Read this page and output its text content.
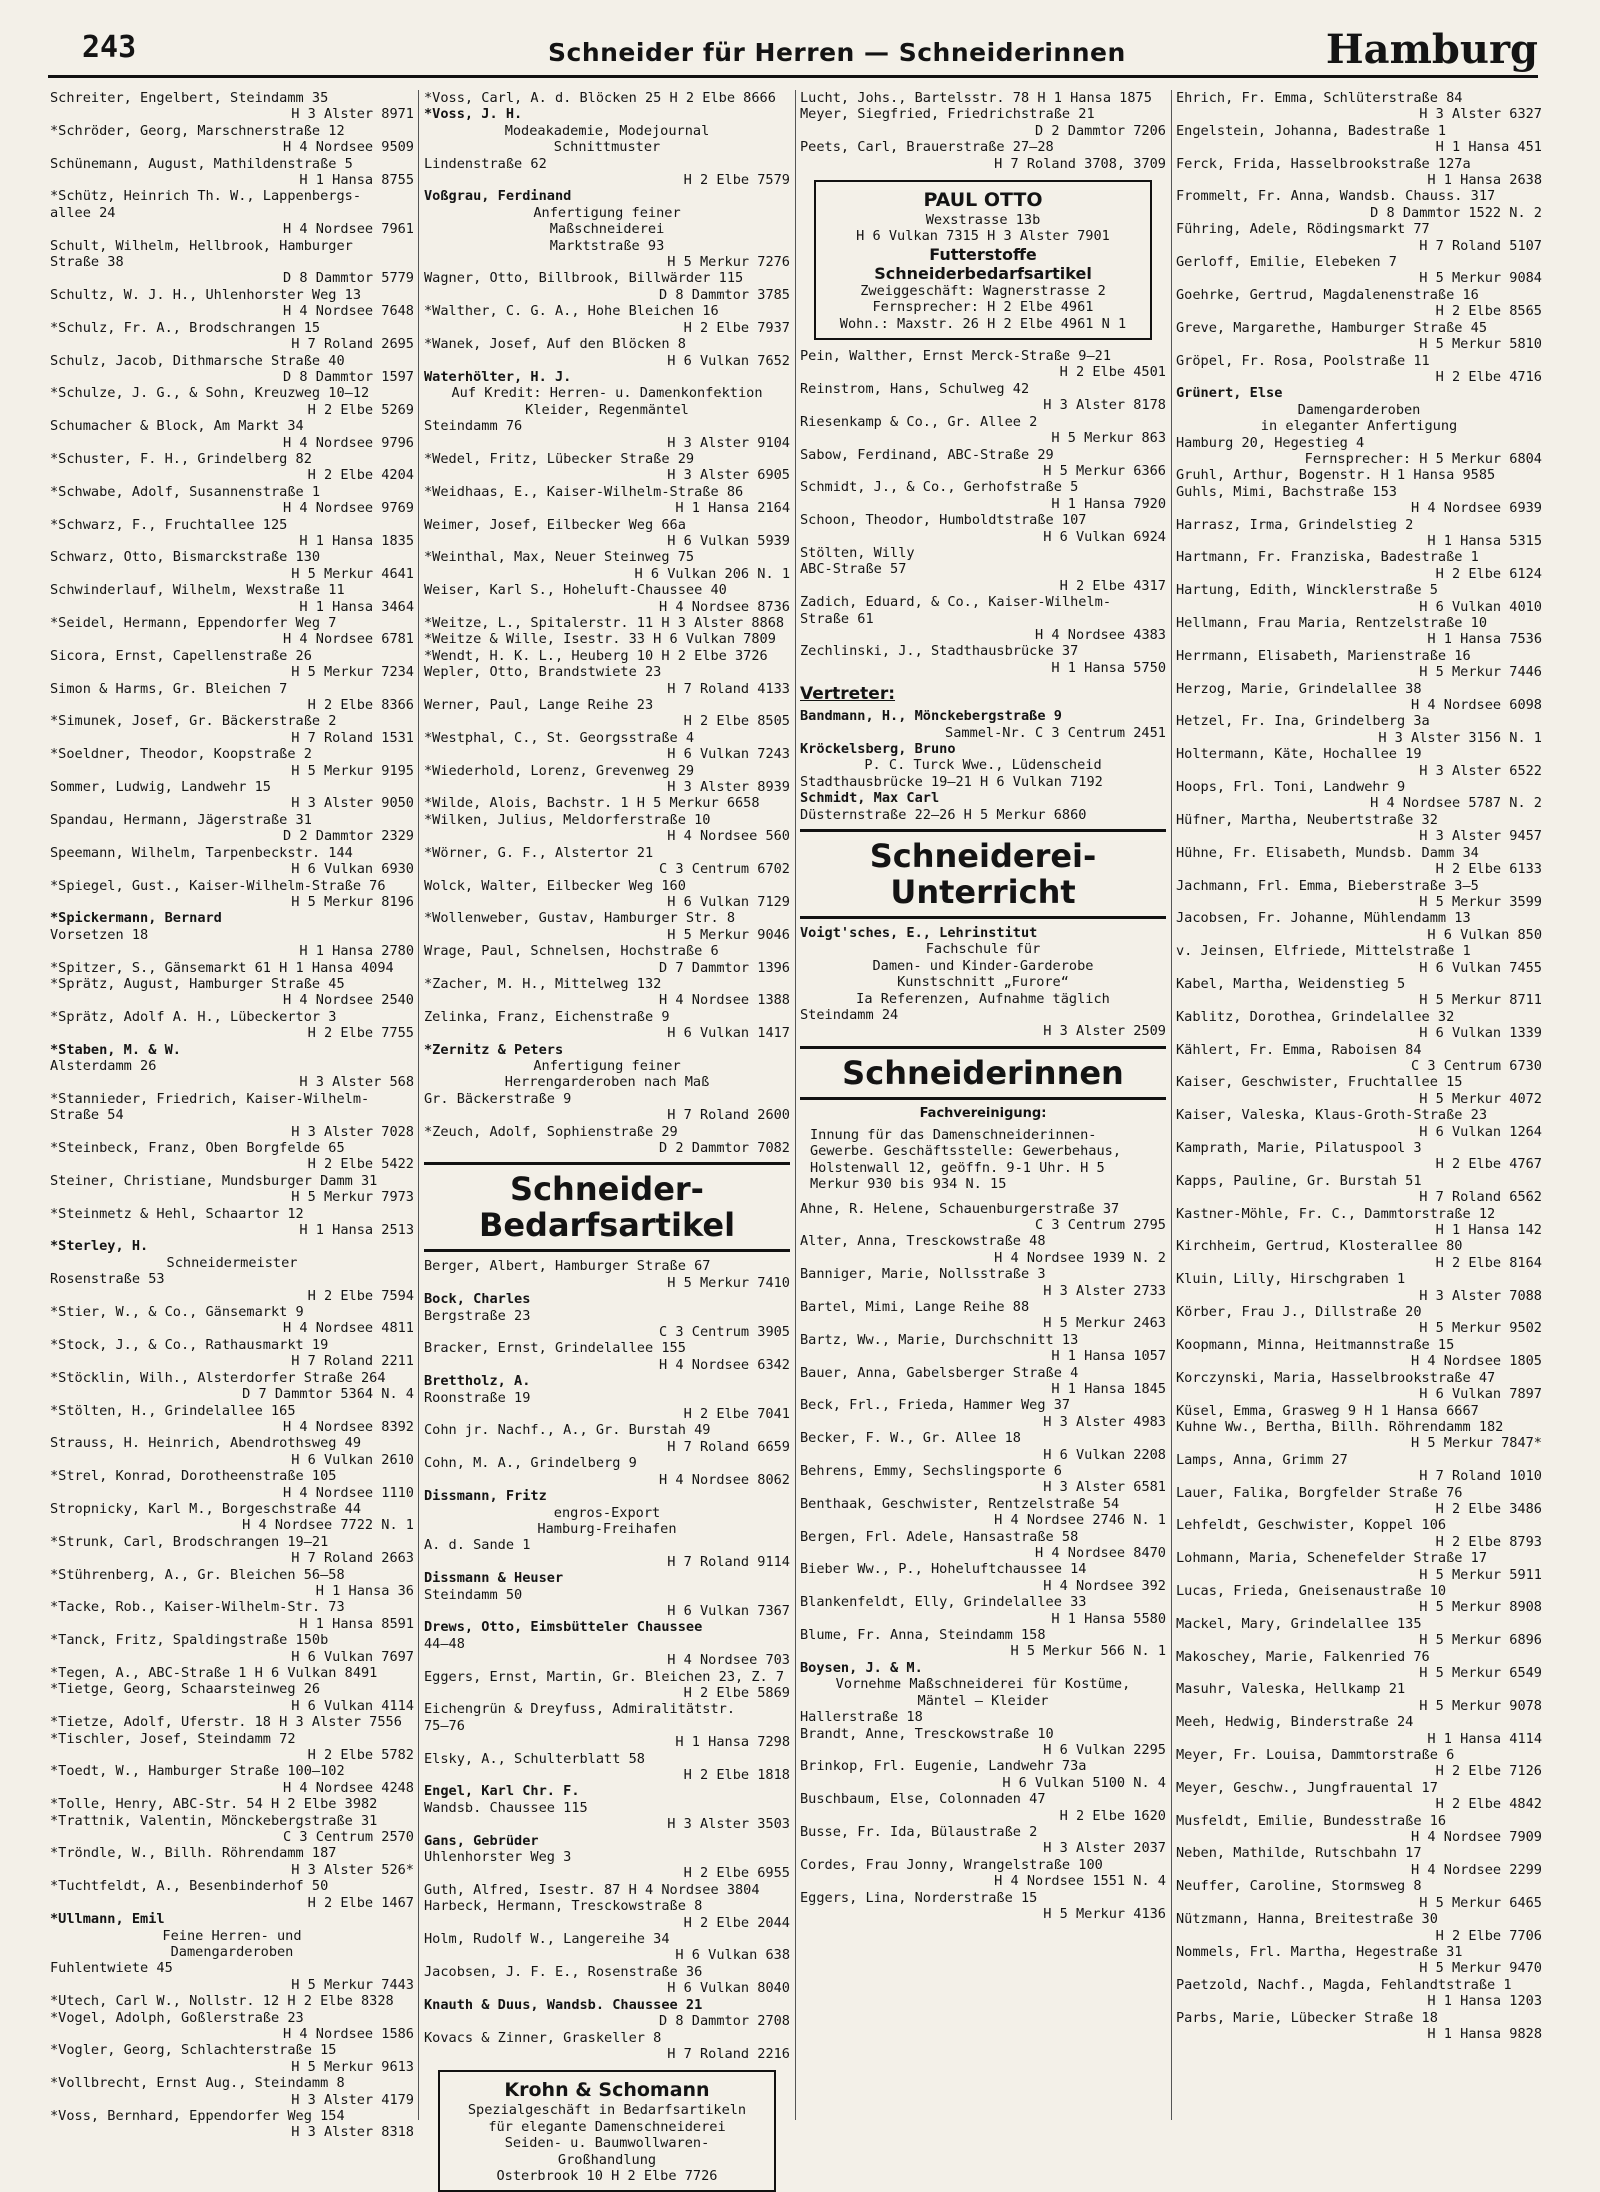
243	Schneider für Herren — Schneiderinnen	Hamburg
Schreiter, Engelbert, Steindamm 35
H 3 Alster 8971
*Schröder, Georg, Marschnerstraße 12
H 4 Nordsee 9509
Schünemann, August, Mathildenstraße 5
H 1 Hansa 8755
*Schütz, Heinrich Th. W., Lappenbergs-
allee 24
H 4 Nordsee 7961
Schult, Wilhelm, Hellbrook, Hamburger
Straße 38
D 8 Dammtor 5779
Schultz, W. J. H., Uhlenhorster Weg 13
H 4 Nordsee 7648
*Schulz, Fr. A., Brodschrangen 15
H 7 Roland 2695
Schulz, Jacob, Dithmarsche Straße 40
D 8 Dammtor 1597
*Schulze, J. G., & Sohn, Kreuzweg 10—12
H 2 Elbe 5269
Schumacher & Block, Am Markt 34
H 4 Nordsee 9796
*Schuster, F. H., Grindelberg 82
H 2 Elbe 4204
*Schwabe, Adolf, Susannenstraße 1
H 4 Nordsee 9769
*Schwarz, F., Fruchtallee 125
H 1 Hansa 1835
Schwarz, Otto, Bismarckstraße 130
H 5 Merkur 4641
Schwinderlauf, Wilhelm, Wexstraße 11
H 1 Hansa 3464
*Seidel, Hermann, Eppendorfer Weg 7
H 4 Nordsee 6781
Sicora, Ernst, Capellenstraße 26
H 5 Merkur 7234
Simon & Harms, Gr. Bleichen 7
H 2 Elbe 8366
*Simunek, Josef, Gr. Bäckerstraße 2
H 7 Roland 1531
*Soeldner, Theodor, Koopstraße 2
H 5 Merkur 9195
Sommer, Ludwig, Landwehr 15
H 3 Alster 9050
Spandau, Hermann, Jägerstraße 31
D 2 Dammtor 2329
Speemann, Wilhelm, Tarpenbeckstr. 144
H 6 Vulkan 6930
*Spiegel, Gust., Kaiser-Wilhelm-Straße 76
H 5 Merkur 8196
*Spickermann, Bernard
Vorsetzen 18
H 1 Hansa 2780
*Spitzer, S., Gänsemarkt 61 H 1 Hansa 4094
*Sprätz, August, Hamburger Straße 45
H 4 Nordsee 2540
*Sprätz, Adolf A. H., Lübeckertor 3
H 2 Elbe 7755
*Staben, M. & W.
Alsterdamm 26
H 3 Alster 568
*Stannieder, Friedrich, Kaiser-Wilhelm-
Straße 54
H 3 Alster 7028
*Steinbeck, Franz, Oben Borgfelde 65
H 2 Elbe 5422
Steiner, Christiane, Mundsburger Damm 31
H 5 Merkur 7973
*Steinmetz & Hehl, Schaartor 12
H 1 Hansa 2513
*Sterley, H.
Schneidermeister
Rosenstraße 53
H 2 Elbe 7594
*Stier, W., & Co., Gänsemarkt 9
H 4 Nordsee 4811
*Stock, J., & Co., Rathausmarkt 19
H 7 Roland 2211
*Stöcklin, Wilh., Alsterdorfer Straße 264
D 7 Dammtor 5364 N. 4
*Stölten, H., Grindelallee 165
H 4 Nordsee 8392
Strauss, H. Heinrich, Abendrothsweg 49
H 6 Vulkan 2610
*Strel, Konrad, Dorotheenstraße 105
H 4 Nordsee 1110
Stropnicky, Karl M., Borgeschstraße 44
H 4 Nordsee 7722 N. 1
*Strunk, Carl, Brodschrangen 19—21
H 7 Roland 2663
*Stührenberg, A., Gr. Bleichen 56—58
H 1 Hansa 36
*Tacke, Rob., Kaiser-Wilhelm-Str. 73
H 1 Hansa 8591
*Tanck, Fritz, Spaldingstraße 150b
H 6 Vulkan 7697
*Tegen, A., ABC-Straße 1 H 6 Vulkan 8491
*Tietge, Georg, Schaarsteinweg 26
H 6 Vulkan 4114
*Tietze, Adolf, Uferstr. 18 H 3 Alster 7556
*Tischler, Josef, Steindamm 72
H 2 Elbe 5782
*Toedt, W., Hamburger Straße 100—102
H 4 Nordsee 4248
*Tolle, Henry, ABC-Str. 54 H 2 Elbe 3982
*Trattnik, Valentin, Mönckebergstraße 31
C 3 Centrum 2570
*Tröndle, W., Billh. Röhrendamm 187
H 3 Alster 526*
*Tuchtfeldt, A., Besenbinderhof 50
H 2 Elbe 1467
*Ullmann, Emil
Feine Herren- und
Damengarderoben
Fuhlentwiete 45
H 5 Merkur 7443
*Utech, Carl W., Nollstr. 12 H 2 Elbe 8328
*Vogel, Adolph, Goßlerstraße 23
H 4 Nordsee 1586
*Vogler, Georg, Schlachterstraße 15
H 5 Merkur 9613
*Vollbrecht, Ernst Aug., Steindamm 8
H 3 Alster 4179
*Voss, Bernhard, Eppendorfer Weg 154
H 3 Alster 8318
*Voss, Carl, A. d. Blöcken 25 H 2 Elbe 8666
*Voss, J. H.
Modeakademie, Modejournal
Schnittmuster
Lindenstraße 62
H 2 Elbe 7579
Voßgrau, Ferdinand
Anfertigung feiner
Maßschneiderei
Marktstraße 93
H 5 Merkur 7276
Wagner, Otto, Billbrook, Billwärder 115
D 8 Dammtor 3785
*Walther, C. G. A., Hohe Bleichen 16
H 2 Elbe 7937
*Wanek, Josef, Auf den Blöcken 8
H 6 Vulkan 7652
Waterhölter, H. J.
Auf Kredit: Herren- u. Damenkonfektion
Kleider, Regenmäntel
Steindamm 76
H 3 Alster 9104
*Wedel, Fritz, Lübecker Straße 29
H 3 Alster 6905
*Weidhaas, E., Kaiser-Wilhelm-Straße 86
H 1 Hansa 2164
Weimer, Josef, Eilbecker Weg 66a
H 6 Vulkan 5939
*Weinthal, Max, Neuer Steinweg 75
H 6 Vulkan 206 N. 1
Weiser, Karl S., Hoheluft-Chaussee 40
H 4 Nordsee 8736
*Weitze, L., Spitalerstr. 11 H 3 Alster 8868
*Weitze & Wille, Isestr. 33 H 6 Vulkan 7809
*Wendt, H. K. L., Heuberg 10 H 2 Elbe 3726
Wepler, Otto, Brandstwiete 23
H 7 Roland 4133
Werner, Paul, Lange Reihe 23
H 2 Elbe 8505
*Westphal, C., St. Georgsstraße 4
H 6 Vulkan 7243
*Wiederhold, Lorenz, Grevenweg 29
H 3 Alster 8939
*Wilde, Alois, Bachstr. 1 H 5 Merkur 6658
*Wilken, Julius, Meldorferstraße 10
H 4 Nordsee 560
*Wörner, G. F., Alstertor 21
C 3 Centrum 6702
Wolck, Walter, Eilbecker Weg 160
H 6 Vulkan 7129
*Wollenweber, Gustav, Hamburger Str. 8
H 5 Merkur 9046
Wrage, Paul, Schnelsen, Hochstraße 6
D 7 Dammtor 1396
*Zacher, M. H., Mittelweg 132
H 4 Nordsee 1388
Zelinka, Franz, Eichenstraße 9
H 6 Vulkan 1417
*Zernitz & Peters
Anfertigung feiner
Herrengarderoben nach Maß
Gr. Bäckerstraße 9
H 7 Roland 2600
*Zeuch, Adolf, Sophienstraße 29
D 2 Dammtor 7082
Schneider-
Bedarfsartikel
Berger, Albert, Hamburger Straße 67
H 5 Merkur 7410
Bock, Charles
Bergstraße 23
C 3 Centrum 3905
Bracker, Ernst, Grindelallee 155
H 4 Nordsee 6342
Brettholz, A.
Roonstraße 19
H 2 Elbe 7041
Cohn jr. Nachf., A., Gr. Burstah 49
H 7 Roland 6659
Cohn, M. A., Grindelberg 9
H 4 Nordsee 8062
Dissmann, Fritz
engros-Export
Hamburg-Freihafen
A. d. Sande 1
H 7 Roland 9114
Dissmann & Heuser
Steindamm 50
H 6 Vulkan 7367
Drews, Otto, Eimsbütteler Chaussee
44—48
H 4 Nordsee 703
Eggers, Ernst, Martin, Gr. Bleichen 23, Z. 7
H 2 Elbe 5869
Eichengrün & Dreyfuss, Admiralitätstr.
75—76
H 1 Hansa 7298
Elsky, A., Schulterblatt 58
H 2 Elbe 1818
Engel, Karl Chr. F.
Wandsb. Chaussee 115
H 3 Alster 3503
Gans, Gebrüder
Uhlenhorster Weg 3
H 2 Elbe 6955
Guth, Alfred, Isestr. 87 H 4 Nordsee 3804
Harbeck, Hermann, Tresckowstraße 8
H 2 Elbe 2044
Holm, Rudolf W., Langereihe 34
H 6 Vulkan 638
Jacobsen, J. F. E., Rosenstraße 36
H 6 Vulkan 8040
Knauth & Duus, Wandsb. Chaussee 21
D 8 Dammtor 2708
Kovacs & Zinner, Graskeller 8
H 7 Roland 2216
Krohn & Schomann
Spezialgeschäft in Bedarfsartikeln
für elegante Damenschneiderei
Seiden- u. Baumwollwaren-
Großhandlung
Osterbrook 10 H 2 Elbe 7726
Lucht, Johs., Bartelsstr. 78 H 1 Hansa 1875
Meyer, Siegfried, Friedrichstraße 21
D 2 Dammtor 7206
Peets, Carl, Brauerstraße 27—28
H 7 Roland 3708, 3709
PAUL OTTO
Wexstrasse 13b
H 6 Vulkan 7315 H 3 Alster 7901
Futterstoffe
Schneiderbedarfsartikel
Zweiggeschäft: Wagnerstrasse 2
Fernsprecher: H 2 Elbe 4961
Wohn.: Maxstr. 26 H 2 Elbe 4961 N 1
Pein, Walther, Ernst Merck-Straße 9—21
H 2 Elbe 4501
Reinstrom, Hans, Schulweg 42
H 3 Alster 8178
Riesenkamp & Co., Gr. Allee 2
H 5 Merkur 863
Sabow, Ferdinand, ABC-Straße 29
H 5 Merkur 6366
Schmidt, J., & Co., Gerhofstraße 5
H 1 Hansa 7920
Schoon, Theodor, Humboldtstraße 107
H 6 Vulkan 6924
Stölten, Willy
ABC-Straße 57
H 2 Elbe 4317
Zadich, Eduard, & Co., Kaiser-Wilhelm-
Straße 61
H 4 Nordsee 4383
Zechlinski, J., Stadthausbrücke 37
H 1 Hansa 5750
Vertreter:
Bandmann, H., Mönckebergstraße 9
Sammel-Nr. C 3 Centrum 2451
Kröckelsberg, Bruno
P. C. Turck Wwe., Lüdenscheid
Stadthausbrücke 19—21 H 6 Vulkan 7192
Schmidt, Max Carl
Düsternstraße 22—26 H 5 Merkur 6860
Schneiderei-
Unterricht
Voigt'sches, E., Lehrinstitut
Fachschule für
Damen- und Kinder-Garderobe
Kunstschnitt „Furore“
Ia Referenzen, Aufnahme täglich
Steindamm 24
H 3 Alster 2509
Schneiderinnen
Fachvereinigung:
Innung für das Damenschneiderinnen-Gewerbe. Geschäftsstelle: Gewerbehaus, Holstenwall 12, geöffn. 9-1 Uhr. H 5 Merkur 930 bis 934 N. 15
Ahne, R. Helene, Schauenburgerstraße 37
C 3 Centrum 2795
Alter, Anna, Tresckowstraße 48
H 4 Nordsee 1939 N. 2
Banniger, Marie, Nollsstraße 3
H 3 Alster 2733
Bartel, Mimi, Lange Reihe 88
H 5 Merkur 2463
Bartz, Ww., Marie, Durchschnitt 13
H 1 Hansa 1057
Bauer, Anna, Gabelsberger Straße 4
H 1 Hansa 1845
Beck, Frl., Frieda, Hammer Weg 37
H 3 Alster 4983
Becker, F. W., Gr. Allee 18
H 6 Vulkan 2208
Behrens, Emmy, Sechslingsporte 6
H 3 Alster 6581
Benthaak, Geschwister, Rentzelstraße 54
H 4 Nordsee 2746 N. 1
Bergen, Frl. Adele, Hansastraße 58
H 4 Nordsee 8470
Bieber Ww., P., Hoheluftchaussee 14
H 4 Nordsee 392
Blankenfeldt, Elly, Grindelallee 33
H 1 Hansa 5580
Blume, Fr. Anna, Steindamm 158
H 5 Merkur 566 N. 1
Boysen, J. & M.
Vornehme Maßschneiderei für Kostüme,
Mäntel — Kleider
Hallerstraße 18
Brandt, Anne, Tresckowstraße 10
H 6 Vulkan 2295
Brinkop, Frl. Eugenie, Landwehr 73a
H 6 Vulkan 5100 N. 4
Buschbaum, Else, Colonnaden 47
H 2 Elbe 1620
Busse, Fr. Ida, Bülaustraße 2
H 3 Alster 2037
Cordes, Frau Jonny, Wrangelstraße 100
H 4 Nordsee 1551 N. 4
Eggers, Lina, Norderstraße 15
H 5 Merkur 4136
Ehrich, Fr. Emma, Schlüterstraße 84
H 3 Alster 6327
Engelstein, Johanna, Badestraße 1
H 1 Hansa 451
Ferck, Frida, Hasselbrookstraße 127a
H 1 Hansa 2638
Frommelt, Fr. Anna, Wandsb. Chauss. 317
D 8 Dammtor 1522 N. 2
Führing, Adele, Rödingsmarkt 77
H 7 Roland 5107
Gerloff, Emilie, Elebeken 7
H 5 Merkur 9084
Goehrke, Gertrud, Magdalenenstraße 16
H 2 Elbe 8565
Greve, Margarethe, Hamburger Straße 45
H 5 Merkur 5810
Gröpel, Fr. Rosa, Poolstraße 11
H 2 Elbe 4716
Grünert, Else
Damengarderoben
in eleganter Anfertigung
Hamburg 20, Hegestieg 4
Fernsprecher: H 5 Merkur 6804
Gruhl, Arthur, Bogenstr. H 1 Hansa 9585
Guhls, Mimi, Bachstraße 153
H 4 Nordsee 6939
Harrasz, Irma, Grindelstieg 2
H 1 Hansa 5315
Hartmann, Fr. Franziska, Badestraße 1
H 2 Elbe 6124
Hartung, Edith, Wincklerstraße 5
H 6 Vulkan 4010
Hellmann, Frau Maria, Rentzelstraße 10
H 1 Hansa 7536
Herrmann, Elisabeth, Marienstraße 16
H 5 Merkur 7446
Herzog, Marie, Grindelallee 38
H 4 Nordsee 6098
Hetzel, Fr. Ina, Grindelberg 3a
H 3 Alster 3156 N. 1
Holtermann, Käte, Hochallee 19
H 3 Alster 6522
Hoops, Frl. Toni, Landwehr 9
H 4 Nordsee 5787 N. 2
Hüfner, Martha, Neubertstraße 32
H 3 Alster 9457
Hühne, Fr. Elisabeth, Mundsb. Damm 34
H 2 Elbe 6133
Jachmann, Frl. Emma, Bieberstraße 3—5
H 5 Merkur 3599
Jacobsen, Fr. Johanne, Mühlendamm 13
H 6 Vulkan 850
v. Jeinsen, Elfriede, Mittelstraße 1
H 6 Vulkan 7455
Kabel, Martha, Weidenstieg 5
H 5 Merkur 8711
Kablitz, Dorothea, Grindelallee 32
H 6 Vulkan 1339
Kählert, Fr. Emma, Raboisen 84
C 3 Centrum 6730
Kaiser, Geschwister, Fruchtallee 15
H 5 Merkur 4072
Kaiser, Valeska, Klaus-Groth-Straße 23
H 6 Vulkan 1264
Kamprath, Marie, Pilatuspool 3
H 2 Elbe 4767
Kapps, Pauline, Gr. Burstah 51
H 7 Roland 6562
Kastner-Möhle, Fr. C., Dammtorstraße 12
H 1 Hansa 142
Kirchheim, Gertrud, Klosterallee 80
H 2 Elbe 8164
Kluin, Lilly, Hirschgraben 1
H 3 Alster 7088
Körber, Frau J., Dillstraße 20
H 5 Merkur 9502
Koopmann, Minna, Heitmannstraße 15
H 4 Nordsee 1805
Korczynski, Maria, Hasselbrookstraße 47
H 6 Vulkan 7897
Küsel, Emma, Grasweg 9 H 1 Hansa 6667
Kuhne Ww., Bertha, Billh. Röhrendamm 182
H 5 Merkur 7847*
Lamps, Anna, Grimm 27
H 7 Roland 1010
Lauer, Falika, Borgfelder Straße 76
H 2 Elbe 3486
Lehfeldt, Geschwister, Koppel 106
H 2 Elbe 8793
Lohmann, Maria, Schenefelder Straße 17
H 5 Merkur 5911
Lucas, Frieda, Gneisenaustraße 10
H 5 Merkur 8908
Mackel, Mary, Grindelallee 135
H 5 Merkur 6896
Makoschey, Marie, Falkenried 76
H 5 Merkur 6549
Masuhr, Valeska, Hellkamp 21
H 5 Merkur 9078
Meeh, Hedwig, Binderstraße 24
H 1 Hansa 4114
Meyer, Fr. Louisa, Dammtorstraße 6
H 2 Elbe 7126
Meyer, Geschw., Jungfrauental 17
H 2 Elbe 4842
Musfeldt, Emilie, Bundesstraße 16
H 4 Nordsee 7909
Neben, Mathilde, Rutschbahn 17
H 4 Nordsee 2299
Neuffer, Caroline, Stormsweg 8
H 5 Merkur 6465
Nützmann, Hanna, Breitestraße 30
H 2 Elbe 7706
Nommels, Frl. Martha, Hegestraße 31
H 5 Merkur 9470
Paetzold, Nachf., Magda, Fehlandtstraße 1
H 1 Hansa 1203
Parbs, Marie, Lübecker Straße 18
H 1 Hansa 9828
